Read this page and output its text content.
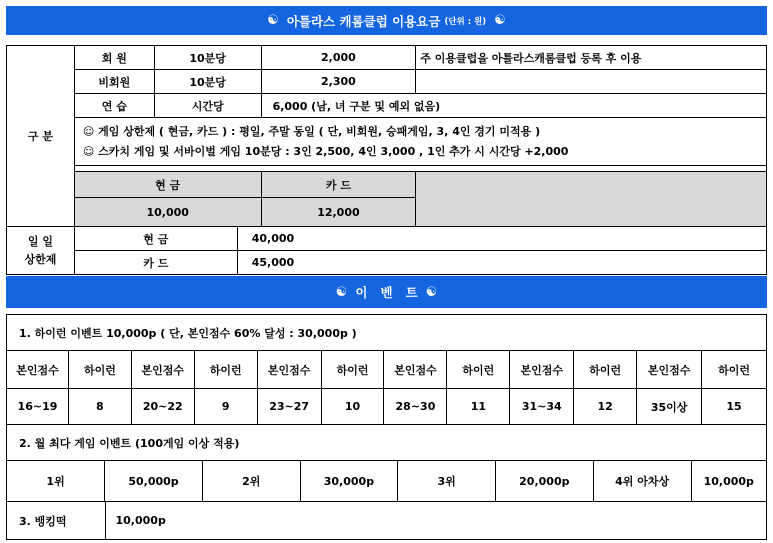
☯ 아틀라스 캐롬클럽 이용요금 (단위 : 원) ☯
구 분	회 원	10분당	2,000	주 이용클럽을 아틀라스캐롬클럽 등록 후 이용
	비회원	10분당	2,300	
	연 습	시간당	6,000 (남, 녀 구분 및 예외 없음)	

	☺ 게임 상한제 ( 현금, 카드 ) : 평일, 주말 동일 ( 단, 비회원, 승패게임, 3, 4인 경기 미적용 )
☺ 스카치 게임 및 서바이벌 게임 10분당 : 3인 2,500, 4인 3,000 , 1인 추가 시 시간당 +2,000			

	현 금		카 드	
	10,000		12,000	
일 일
상한제	현 금	40,000
	카 드	45,000
☯ 이   벤   트 ☯
1. 하이런 이벤트 10,000p ( 단, 본인점수 60% 달성 : 30,000p )
본인점수	하이런	본인점수	하이런	본인점수	하이런	본인점수	하이런	본인점수	하이런	본인점수	하이런
16~19	8	20~22	9	23~27	10	28~30	11	31~34	12	35이상	15
2. 월 최다 게임 이벤트 (100게임 이상 적용)

1위	50,000p	2위	30,000p	3위	20,000p	4위 아차상	10,000p

3. 뱅킹떡	10,000p
